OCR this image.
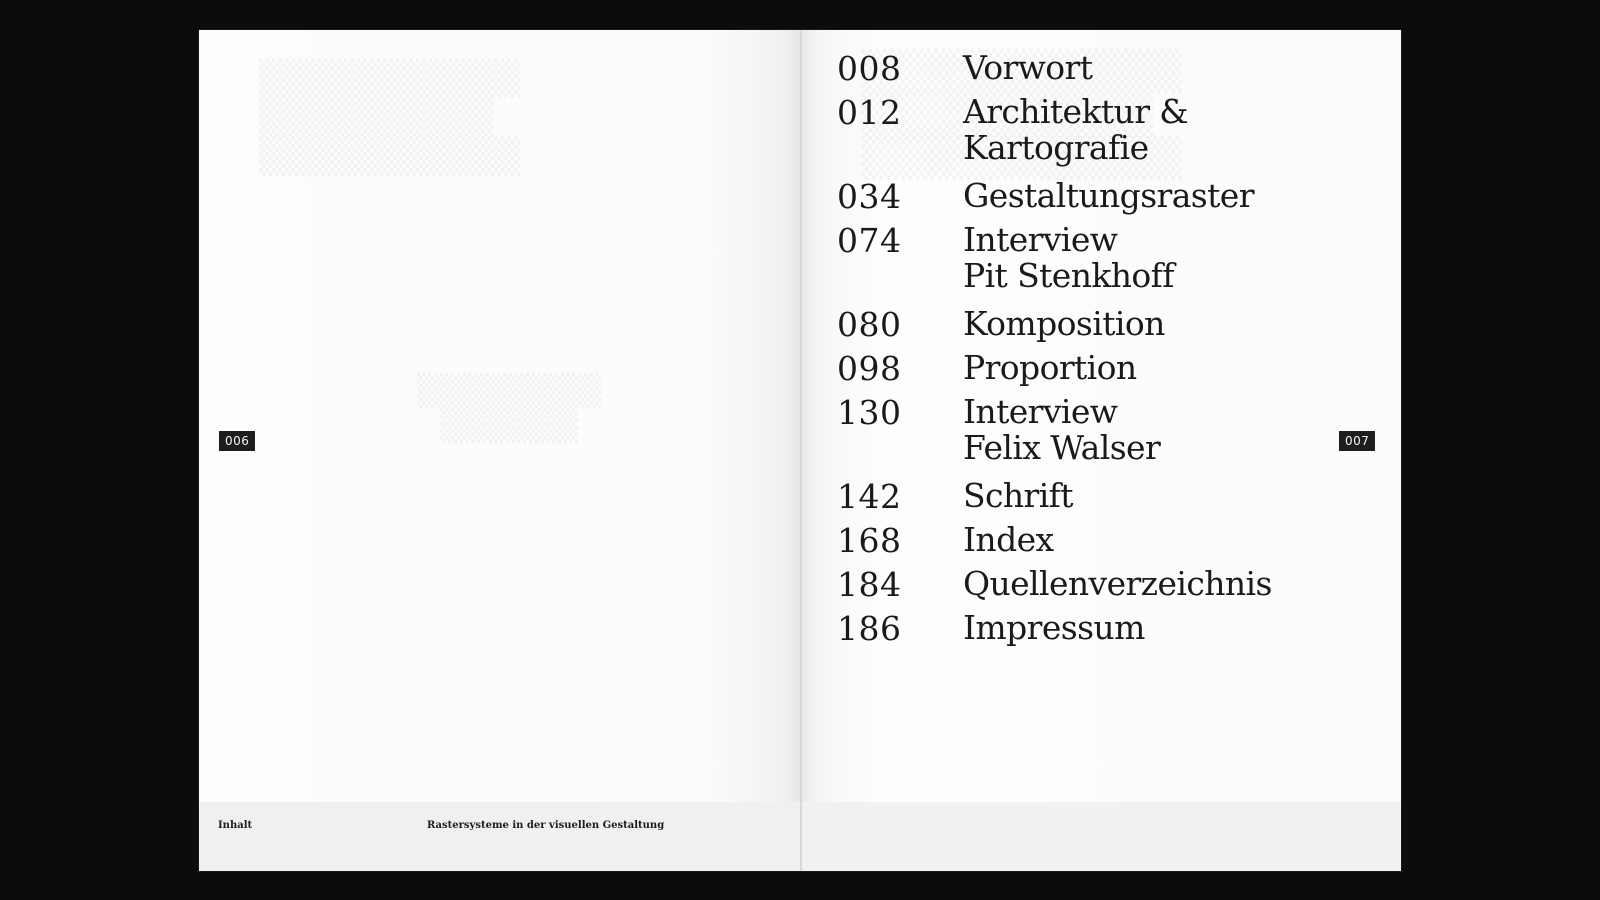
006
Inhalt	Rastersysteme in der visuellen Gestaltung

008	Vorwort
012	Architektur &
Kartografie
034	Gestaltungsraster
074	Interview
Pit Stenkhoff
080	Komposition
098	Proportion
130	Interview
Felix Walser
142	Schrift
168	Index
184	Quellenverzeichnis
186	Impressum
007
